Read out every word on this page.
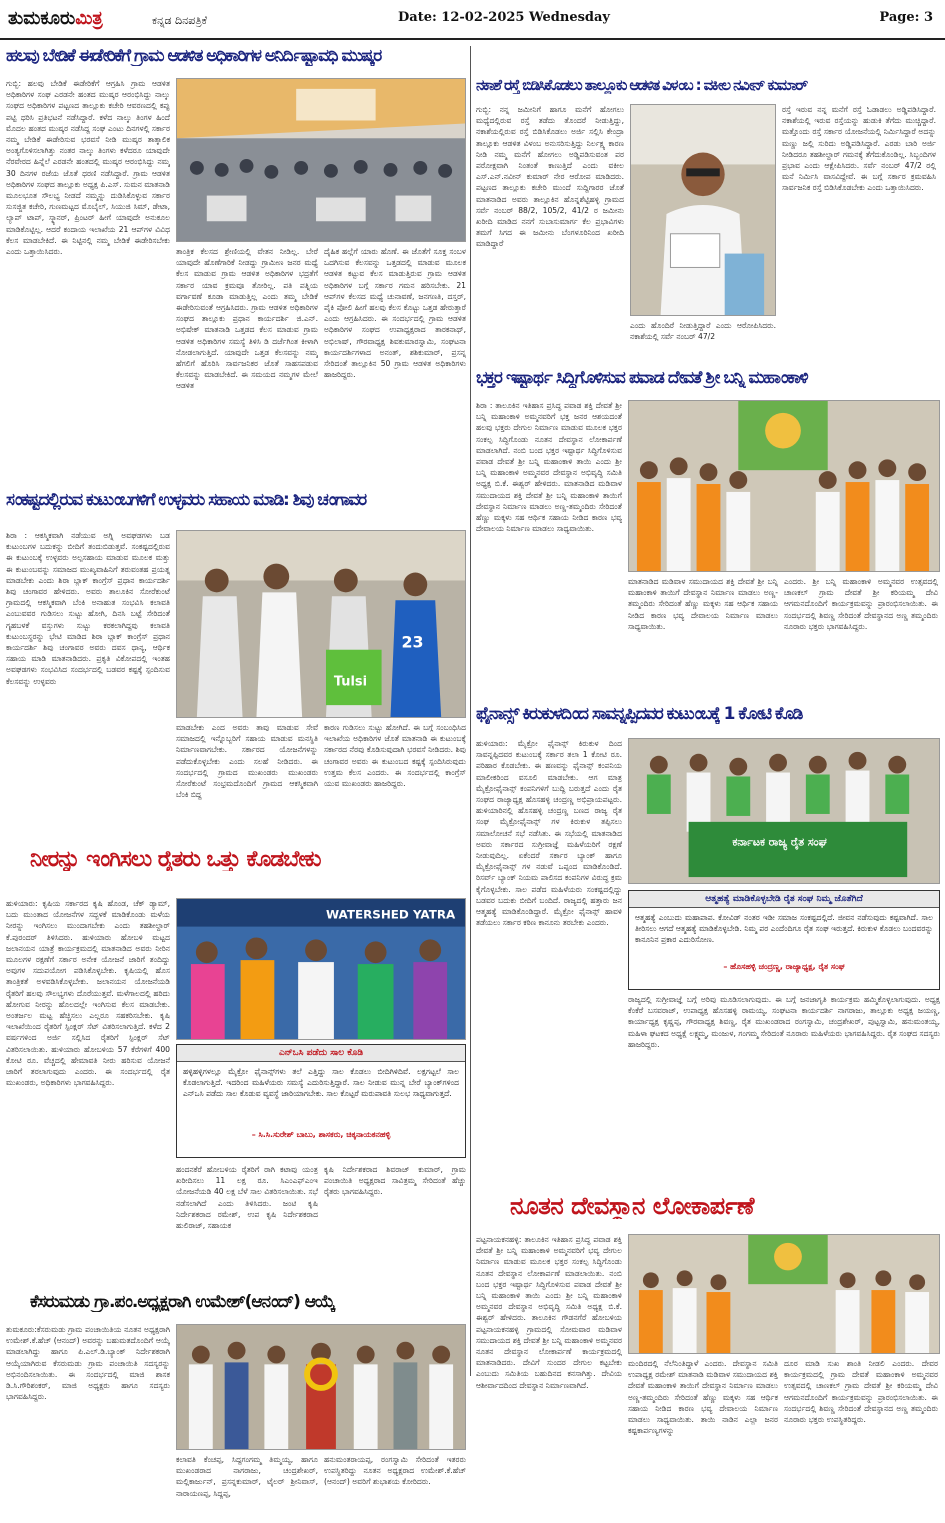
ತುಮಕೂರುಮಿತ್ರ	ಕನ್ನಡ ದಿನಪತ್ರಿಕೆ	Date: 12-02-2025 Wednesday	Page: 3
ಹಲವು ಬೇಡಿಕೆ ಈಡೇರಿಕೆಗೆ ಗ್ರಾಮ ಆಡಳಿತ ಅಧಿಕಾರಿಗಳ ಅನಿರ್ದಿಷ್ಟಾವಧಿ ಮುಷ್ಕರ
ಗುಬ್ಬಿ: ಹಲವು ಬೇಡಿಕೆ ಈಡೇರಿಕೆಗೆ ಆಗ್ರಹಿಸಿ ಗ್ರಾಮ ಆಡಳಿತ ಅಧಿಕಾರಿಗಳ ಸಂಘ ಎರಡನೇ ಹಂತದ ಮುಷ್ಕರ ಆರಂಭಿಸಿದ್ದು ನಾಲ್ಕು ಸಂಘದ ಅಧಿಕಾರಿಗಳ ಪಟ್ಟಣದ ತಾಲ್ಲೂಕು ಕಚೇರಿ ಆವರಣದಲ್ಲಿ ಕಪ್ಪು ಪಟ್ಟಿ ಧರಿಸಿ ಪ್ರತಿಭಟನೆ ನಡೆಸಿದ್ದಾರೆ. ಕಳೆದ ನಾಲ್ಕು ತಿಂಗಳ ಹಿಂದೆ ಮೊದಲ ಹಂತದ ಮುಷ್ಕರ ನಡೆಸಿದ್ದ ಸಂಘ ಎಂಟು ದಿನಗಳಲ್ಲಿ ಸರ್ಕಾರ ನಮ್ಮ ಬೇಡಿಕೆ ಈಡೇರಿಸುವ ಭರವಸೆ ನೀಡಿ ಮುಷ್ಕರ ತಾತ್ಕಾಲಿಕ ಅಂತ್ಯಗೊಳಿಸಲಾಗಿತ್ತು ನಂತರ ನಾಲ್ಕು ತಿಂಗಳು ಕಳೆದರೂ ಯಾವುದೇ ನೆರವೇರದ ಹಿನ್ನೆಲೆ ಎರಡನೇ ಹಂತದಲ್ಲಿ ಮುಷ್ಕರ ಆರಂಭಿಸಿದ್ದು ನಮ್ಮ 30 ದಿನಗಳ ರಜೆಯ ಜೊತೆ ಧರಣಿ ನಡೆಸಿದ್ದಾರೆ. ಗ್ರಾಮ ಆಡಳಿತ ಅಧಿಕಾರಿಗಳ ಸಂಘದ ತಾಲ್ಲೂಕು ಅಧ್ಯಕ್ಷ ಪಿ.ಎಸ್. ಸುಮನ ಮಾತನಾಡಿ ಮೂಲಭೂತ ಸೌಲಭ್ಯ ನೀಡದೆ ನಮ್ಮನ್ನು ದುಡಿಸಿಕೊಳ್ಳುವ ಸರ್ಕಾರ ಸುಸಜ್ಜಿತ ಕಚೇರಿ, ಗುಣಮಟ್ಟದ ಮೊಬೈಲ್, ಸಿಯುಜಿ ಸಿಮ್, ಡೇಟಾ, ಲ್ಯಾಪ್ ಟಾಪ್, ಸ್ಕ್ಯಾನರ್, ಪ್ರಿಂಟರ್ ಹೀಗೆ ಯಾವುದೇ ಅನುಕೂಲ ಮಾಡಿಕೊಟ್ಟಿಲ್ಲ. ಆದರೆ ಕಂದಾಯ ಇಲಾಖೆಯ 21 ಆಪ್‌ಗಳ ವಿವಿಧ ಕೆಲಸ ಮಾಡಬೇಕಿದೆ. ಈ ನಿಟ್ಟಿನಲ್ಲಿ ನಮ್ಮ ಬೇಡಿಕೆ ಈಡೇರಿಸಬೇಕು ಎಂದು ಒತ್ತಾಯಿಸಿದರು.	ತಾಂತ್ರಿಕ ಕೆಲಸದ ಶ್ರೇಣಿಯಲ್ಲಿ ವೇತನ ನೀಡಿಲ್ಲ. ಬೇರೆ ಯಾವುದೇ ಹೊಣೆಗಾರಿಕೆ ನೀಡದ್ದು ಗ್ರಾಮೀಣ ಜನರ ಮಧ್ಯೆ ಕೆಲಸ ಮಾಡುವ ಗ್ರಾಮ ಆಡಳಿತ ಅಧಿಕಾರಿಗಳ ಭದ್ರತೆಗೆ ಸರ್ಕಾರ ಯಾವ ಕ್ರಮವೂ ತೋರಿಲ್ಲ. ಪತಿ ಪತ್ನಿಯ ವರ್ಗಾವಣೆ ಕೂಡಾ ಮಾಡುತ್ತಿಲ್ಲ ಎಂದು ತಮ್ಮ ಬೇಡಿಕೆ ಈಡೇರಿಸುವಂತೆ ಆಗ್ರಹಿಸಿದರು. ಗ್ರಾಮ ಆಡಳಿತ ಅಧಿಕಾರಿಗಳ ಸಂಘದ ತಾಲ್ಲೂಕು ಪ್ರಧಾನ ಕಾರ್ಯದರ್ಶಿ ಜಿ.ಎನ್. ಅಭಿಷೇಕ್ ಮಾತನಾಡಿ ಒತ್ತಡದ ಕೆಲಸ ಮಾಡುವ ಗ್ರಾಮ ಆಡಳಿತ ಅಧಿಕಾರಿಗಳ ಸಮಸ್ಯೆ ತಿಳಿಸಿ ಡಿ ದರ್ಜೆಗಿಂತ ಕೀಳಾಗಿ ನೋಡಲಾಗುತ್ತಿದೆ. ಯಾವುದೇ ಒತ್ತಡ ಕೆಲಸವನ್ನು ನಮ್ಮ ಹೆಗಲಿಗೆ ಹೊರಿಸಿ ಸಾರ್ವಜನಿಕರ ಜೊತೆ ಸಾಹಸಪಡುವ ಕೆಲಸವನ್ನು ಮಾಡಬೇಕಿದೆ. ಈ ಸಮಯದ ನಮ್ಮಗಳ ಮೇಲೆ ಆಡಳಿತ
ದೈಹಿಕ ಹಲ್ಲೆಗೆ ಯಾರು ಹೊಣೆ. ಈ ಜೊತೆಗೆ ಸೂಕ್ತ ಸಂಬಳ ಒದಗಿಸುವ ಕೆಲಸವನ್ನು ಒತ್ತಡದಲ್ಲಿ ಮಾಡುವ ಮೂಲಕ ಆಡಳಿತ ಕಟ್ಟುವ ಕೆಲಸ ಮಾಡುತ್ತಿರುವ ಗ್ರಾಮ ಆಡಳಿತ ಅಧಿಕಾರಿಗಳ ಬಗ್ಗೆ ಸರ್ಕಾರ ಗಮನ ಹರಿಸಬೇಕು. 21 ಆಪ್‌ಗಳ ಕೆಲಸದ ಮಧ್ಯೆ ಚುನಾವಣೆ, ಜನಗಣತಿ, ದಸ್ತರ್, ಪೈಕಿ ಪೋಲಿ ಹೀಗೆ ಹಲವು ಕೆಲಸ ಕೊಟ್ಟು ಒತ್ತಡ ಹೇರುತ್ತಾರೆ ಎಂದು ಆಗ್ರಹಿಸಿದರು. ಈ ಸಂದರ್ಭದಲ್ಲಿ ಗ್ರಾಮ ಆಡಳಿತ ಅಧಿಕಾರಿಗಳ ಸಂಘದ ಉಪಾಧ್ಯಕ್ಷರಾದ ತಾರಕನಾಥ್, ಅಭಿಲಾಷ್, ಗೌರವಾಧ್ಯಕ್ಷ ಶಿವಕುಮಾರಸ್ವಾಮಿ, ಸಂಘಟನಾ ಕಾರ್ಯದರ್ಶಿಗಳಾದ ಅನಂತ್, ಶಶಿಕುಮಾರ್, ಪ್ರಸನ್ನ ಸೇರಿದಂತೆ ತಾಲ್ಲೂಕಿನ 50 ಗ್ರಾಮ ಆಡಳಿತ ಅಧಿಕಾರಿಗಳು ಹಾಜರಿದ್ದರು.
ನಕಾಶೆ ರಸ್ತೆ ಬಿಡಿಸಿಕೊಡಲು ತಾಲ್ಲೂಕು ಆಡಳಿತ ವಿಳಂಬ : ವಕೀಲ ನವೀನ್ ಕುಮಾರ್
ಗುಬ್ಬಿ: ನನ್ನ ಜಮೀನಿಗೆ ಹಾಗೂ ಮನೆಗೆ ಹೋಗಲು ಮಧ್ಯೆದಲ್ಲಿರುವ ರಸ್ತೆ ತಡೆದು ತೊಂದರೆ ನೀಡುತ್ತಿದ್ದು, ನಕಾಶೆಯಲ್ಲಿರುವ ರಸ್ತೆ ಬಿಡಿಸಿಕೊಡಲು ಅರ್ಜಿ ಸಲ್ಲಿಸಿ ಕೇಂದ್ರಾ ತಾಲ್ಲೂಕು ಆಡಳಿತ ವಿಳಂಬ ಅನುಸರಿಸುತ್ತಿದ್ದು ನಿರ್ಲಕ್ಷ್ಯ ಕಾರಣ ನೀಡಿ ನಮ್ಮ ಮನೆಗೆ ಹೋಗಲು ಅಡ್ಡಿಪಡಿಸುವಂತ ಪರ ಪರೋಕ್ಷವಾಗಿ ನಿಂತಂತೆ ಕಾಣುತ್ತಿದೆ ಎಂದು ವಕೀಲ ಎಸ್.ಎನ್.ನವೀನ್ ಕುಮಾರ್ ನೇರ ಆರೋಪ ಮಾಡಿದರು. ಪಟ್ಟಣದ ತಾಲ್ಲೂಕು ಕಚೇರಿ ಮುಂದೆ ಸುದ್ದಿಗಾರರ ಜೊತೆ ಮಾತನಾಡಿದ ಅವರು ತಾಲ್ಲೂಕಿನ ಹೊನ್ನಶೆಟ್ಟಿಹಳ್ಳಿ ಗ್ರಾಮದ ಸರ್ವೆ ನಂಬರ್ 88/2, 105/2, 41/2 ರ ಜಮೀನು ಖರೀದಿ ಮಾಡಿದ ನನಗೆ ಸುಬಾಸುಮಾರ್ಗ ಕೆಲ ಪ್ರಭಾವಿಗಳು ತಮಗೆ ಸಿಗದ ಈ ಜಮೀನು ಬೆಂಗಳೂರಿನಿಂದ ಖರೀದಿ ಮಾಡಿದ್ದಾರೆ
ಎಂದು ಹೊಂದಿರೆ ನೀಡುತ್ತಿದ್ದಾರೆ ಎಂದು ಆರೋಪಿಸಿದರು. ನಕಾಶೆಯಲ್ಲಿ ಸರ್ವೆ ನಂಬರ್ 47/2
ರಸ್ತೆ ಇರುವ ನನ್ನ ಮನೆಗೆ ರಸ್ತೆ ಓಡಾಡಲು ಅಡ್ಡಿಪಡಿಸಿದ್ದಾರೆ. ನಕಾಶೆಯಲ್ಲಿ ಇರುವ ರಸ್ತೆಯನ್ನು ಹುಡುಕಿ ತೆಗೆದು ಮುಚ್ಚಿದ್ದಾರೆ. ಮತ್ತೊಂದು ರಸ್ತೆ ಸರ್ಕಾರ ಯೋಜನೆಯಲ್ಲಿ ನಿರ್ಮಿಸಿದ್ದಾರೆ ಅದನ್ನು ಮಣ್ಣು ಜಲ್ಲಿ ಸುರಿದು ಅಡ್ಡಿಪಡಿಸಿದ್ದಾರೆ. ಎರಡು ಬಾರಿ ಅರ್ಜಿ ನೀಡಿದರೂ ತಹಶೀಲ್ದಾರ್ ಗಮನಕ್ಕೆ ತೆಗೆದುಕೊಂಡಿಲ್ಲ. ಸಿಬ್ಬಂದಿಗಳ ಪ್ರಭಾವ ಎಂದು ಆಕ್ಷೇಪಿಸಿದರು. ಸರ್ವೆ ನಂಬರ್ 47/2 ರಲ್ಲಿ ಮನೆ ನಿರ್ಮಿಸಿ ವಾಸವಿದ್ದೇವೆ. ಈ ಬಗ್ಗೆ ಸರ್ಕಾರ ಕ್ರಮವಹಿಸಿ ಸಾರ್ವಜನಿಕ ರಸ್ತೆ ಬಿಡಿಸಿಕೊಡಬೇಕು ಎಂದು ಒತ್ತಾಯಿಸಿದರು.
ಭಕ್ತರ ಇಷ್ಟಾರ್ಥ ಸಿದ್ದಿಗೊಳಿಸುವ ಪವಾಡ ದೇವತೆ ಶ್ರೀ ಬನ್ನಿ ಮಹಾಂಕಾಳಿ
ಶಿರಾ : ತಾಲೂಕಿನ ಇತಿಹಾಸ ಪ್ರಸಿದ್ಧ ಪವಾಡ ಶಕ್ತಿ ದೇವತೆ ಶ್ರೀ ಬನ್ನಿ ಮಹಾಂಕಾಳಿ ಅಮ್ಮನವರಿಗೆ ಭಕ್ತ ಜನರ ಆಶಯದಂತೆ ಹಲವು ಭಕ್ತರು ದೇಗುಲ ನಿರ್ಮಾಣ ಮಾಡುವ ಮೂಲಕ ಭಕ್ತರ ಸಂಕಲ್ಪ ಸಿದ್ಧಿಗೊಂಡು ನೂತನ ದೇವಸ್ಥಾನ ಲೋಕಾರ್ಪಣೆ ಮಾಡಲಾಗಿದೆ. ನಂಬಿ ಬಂದ ಭಕ್ತರ ಇಷ್ಟಾರ್ಥ ಸಿದ್ಧಿಗೊಳಿಸುವ ಪವಾಡ ದೇವತೆ ಶ್ರೀ ಬನ್ನಿ ಮಹಾಂಕಾಳಿ ತಾಯಿ ಎಂದು ಶ್ರೀ ಬನ್ನಿ ಮಹಾಂಕಾಳಿ ಅಮ್ಮನವರ ದೇವಸ್ಥಾನ ಅಭಿವೃದ್ಧಿ ಸಮಿತಿ ಅಧ್ಯಕ್ಷ ಬಿ.ಕೆ. ಈಶ್ವರ್ ಹೇಳಿದರು. ಮಾತನಾಡಿದ ಮಡಿವಾಳ ಸಮುದಾಯದ ಶಕ್ತಿ ದೇವತೆ ಶ್ರೀ ಬನ್ನಿ ಮಹಾಂಕಾಳಿ ತಾಯಿಗೆ ದೇವಸ್ಥಾನ ನಿರ್ಮಾಣ ಮಾಡಲು ಅಣ್ಣ-ತಮ್ಮಂದಿರು ಸೇರಿದಂತೆ ಹೆಣ್ಣು ಮಕ್ಕಳು ಸಹ ಆರ್ಥಿಕ ಸಹಾಯ ನೀಡಿದ ಕಾರಣ ಭವ್ಯ ದೇವಾಲಯ ನಿರ್ಮಾಣ ಮಾಡಲು ಸಾಧ್ಯವಾಯಿತು.
ಎಂದರು. ಶ್ರೀ ಬನ್ನಿ ಮಹಾಂಕಾಳಿ ಅಮ್ಮನವರ ಉತ್ಸವದಲ್ಲಿ ಚಾಣಕಲ್ ಗ್ರಾಮ ದೇವತೆ ಶ್ರೀ ಕರಿಯಮ್ಮ ದೇವಿ ಆಗಮನದೊಂದಿಗೆ ಕಾರ್ಯಕ್ರಮವನ್ನು ಪ್ರಾರಂಭಿಸಲಾಯಿತು. ಈ ಸಂದರ್ಭದಲ್ಲಿ ಶಿವಣ್ಣ ಸೇರಿದಂತೆ ದೇವಸ್ಥಾನದ ಅಣ್ಣ ತಮ್ಮಂದಿರು ನೂರಾರು ಭಕ್ತರು ಭಾಗವಹಿಸಿದ್ದರು.
ಮಾತನಾಡಿದ ಮಡಿವಾಳ ಸಮುದಾಯದ ಶಕ್ತಿ ದೇವತೆ ಶ್ರೀ ಬನ್ನಿ ಮಹಾಂಕಾಳಿ ತಾಯಿಗೆ ದೇವಸ್ಥಾನ ನಿರ್ಮಾಣ ಮಾಡಲು ಅಣ್ಣ-ತಮ್ಮಂದಿರು ಸೇರಿದಂತೆ ಹೆಣ್ಣು ಮಕ್ಕಳು ಸಹ ಆರ್ಥಿಕ ಸಹಾಯ ನೀಡಿದ ಕಾರಣ ಭವ್ಯ ದೇವಾಲಯ ನಿರ್ಮಾಣ ಮಾಡಲು ಸಾಧ್ಯವಾಯಿತು.
ಸಂಕಷ್ಟದಲ್ಲಿರುವ ಕುಟುಂಬಗಳಿಗೆ ಉಳ್ಳವರು ಸಹಾಯ ಮಾಡಿ: ಶಿವು ಚಂಗಾವರ
ಶಿರಾ : ಆಕಸ್ಮಿಕವಾಗಿ ನಡೆಯುವ ಅಗ್ನಿ ಅವಘಡಗಳು ಬಡ ಕುಟುಂಬಗಳ ಬದುಕನ್ನು ಬೀದಿಗೆ ತಂದುಬಿಡುತ್ತವೆ. ಸಂಕಷ್ಟದಲ್ಲಿರುವ ಈ ಕುಟುಂಬಕ್ಕೆ ಉಳ್ಳವರು ಅಲ್ಪಸಹಾಯ ಮಾಡುವ ಮೂಲಕ ಮತ್ತು ಈ ಕುಟುಂಬವನ್ನು ಸಮಾಜದ ಮುಖ್ಯವಾಹಿನಿಗೆ ತರುವಂತಹ ಪ್ರಯತ್ನ ಮಾಡಬೇಕು ಎಂದು ಶಿರಾ ಬ್ಲಾಕ್ ಕಾಂಗ್ರೆಸ್ ಪ್ರಧಾನ ಕಾರ್ಯದರ್ಶಿ ಶಿವು ಚಂಗಾವರ ಹೇಳಿದರು. ಅವರು ತಾಲೂಕಿನ ಸೋರೆಕುಂಟೆ ಗ್ರಾಮದಲ್ಲಿ ಆಕಸ್ಮಿಕವಾಗಿ ಬೆಂಕಿ ಅನಾಹುತ ಸಂಭವಿಸಿ ಕಲಾವತಿ ಎಂಬುವವರ ಗುಡಿಸಲು ಸುಟ್ಟು ಹೋಗಿ, ದಿನಸಿ ಬಟ್ಟೆ ಸೇರಿದಂತೆ ಗೃಹಬಳಕೆ ವಸ್ತುಗಳು ಸುಟ್ಟು ಕರಕಲಾಗಿದ್ದವು ಕಲಾವತಿ ಕುಟುಂಬಸ್ಥರನ್ನು ಭೇಟಿ ಮಾಡಿದ ಶಿರಾ ಬ್ಲಾಕ್ ಕಾಂಗ್ರೆಸ್ ಪ್ರಧಾನ ಕಾರ್ಯದರ್ಶಿ ಶಿವು ಚಂಗಾವರ ಅವರು ದವಸ ಧಾನ್ಯ, ಆರ್ಥಿಕ ಸಹಾಯ ಮಾಡಿ ಮಾತನಾಡಿದರು. ಪ್ರಕೃತಿ ವಿಕೋಪದಲ್ಲಿ ಇಂತಹ ಅವಘಡಗಳು ಸಂಭವಿಸಿದ ಸಂದರ್ಭದಲ್ಲಿ ಬಡವರ ಕಷ್ಟಕ್ಕೆ ಸ್ಪಂದಿಸುವ ಕೆಲಸವನ್ನು ಉಳ್ಳವರು
23
Tulsi
ಮಾಡಬೇಕು ಎಂದ ಅವರು ತಾವು ಮಾಡುವ ಸೇವೆ ಸಮಾಜದಲ್ಲಿ ಇನ್ನೊಬ್ಬರಿಗೆ ಸಹಾಯ ಮಾಡುವ ಮನಸ್ಥಿತಿ ನಿರ್ಮಾಣವಾಗಬೇಕು. ಸರ್ಕಾರದ ಯೋಜನೆಗಳನ್ನು ಪಡೆದುಕೊಳ್ಳಬೇಕು ಎಂದು ಸಲಹೆ ನೀಡಿದರು. ಈ ಸಂದರ್ಭದಲ್ಲಿ ಗ್ರಾಮದ ಮುಖಂಡರು ಮುಖಂಡರು ಸೋರೆಕುಂಟೆ ಸಂಭ್ರಮದೊಂದಿಗೆ ಗ್ರಾಮದ ಆಕಸ್ಮಿಕವಾಗಿ ಬೆಂಕಿ ಬಿದ್ದ
ಕಾರಣ ಗುಡಿಸಲು ಸುಟ್ಟು ಹೋಗಿದೆ. ಈ ಬಗ್ಗೆ ಸಂಬಂಧಿಸಿದ ಇಲಾಖೆಯ ಅಧಿಕಾರಿಗಳ ಜೊತೆ ಮಾತನಾಡಿ ಈ ಕುಟುಂಬಕ್ಕೆ ಸರ್ಕಾರದ ನೆರವು ಕೊಡಿಸುವುದಾಗಿ ಭರವಸೆ ನೀಡಿದರು. ಶಿವು ಚಂಗಾವರ ಅವರು ಈ ಕುಟುಂಬದ ಕಷ್ಟಕ್ಕೆ ಸ್ಪಂದಿಸಿರುವುದು ಉತ್ತಮ ಕೆಲಸ ಎಂದರು. ಈ ಸಂದರ್ಭದಲ್ಲಿ ಕಾಂಗ್ರೆಸ್ ಯುವ ಮುಖಂಡರು ಹಾಜರಿದ್ದರು.
ಫೈನಾನ್ಸ್ ಕಿರುಕುಳದಿಂದ ಸಾವನ್ನಪ್ಪಿದವರ ಕುಟುಂಬಕ್ಕೆ 1 ಕೋಟಿ ಕೊಡಿ
ಹುಳಿಯಾರು: ಮೈಕ್ರೋ ಫೈನಾನ್ಸ್ ಕಿರುಕುಳ ದಿಂದ ಸಾವನ್ನಪ್ಪಿದವರ ಕುಟುಂಬಕ್ಕೆ ಸರ್ಕಾರ ತಲಾ 1 ಕೋಟಿ ರೂ. ಪರಿಹಾರ ಕೊಡಬೇಕು. ಈ ಹಣವನ್ನು ಫೈನಾನ್ಸ್ ಕಂಪನಿಯ ಮಾಲೀಕರಿಂದ ವಸೂಲಿ ಮಾಡಬೇಕು. ಆಗ ಮಾತ್ರ ಮೈಕ್ರೋಫೈನಾನ್ಸ್ ಕಂಪನಿಗಳಿಗೆ ಬುದ್ದಿ ಬರುತ್ತದೆ ಎಂದು ರೈತ ಸಂಘದ ರಾಜ್ಯಾಧ್ಯಕ್ಷ ಹೊಸಹಳ್ಳಿ ಚಂದ್ರಣ್ಣ ಅಭಿಪ್ರಾಯಪಟ್ಟರು. ಹುಳಿಯಾರಿನಲ್ಲಿ ಹೊಸಹಳ್ಳಿ ಚಂದ್ರಣ್ಣ ಬಣದ ರಾಜ್ಯ ರೈತ ಸಂಘ ಮೈಕ್ರೋಫೈನಾನ್ಸ್ ಗಳ ಕಿರುಕುಳ ತಪ್ಪಿಸಲು ಸಮಾಲೋಚನೆ ಸಭೆ ನಡೆಸಿತು. ಈ ಸಭೆಯಲ್ಲಿ ಮಾತನಾಡಿದ ಅವರು ಸರ್ಕಾರದ ಸುಗ್ರೀವಾಜ್ಞೆ ಮಹಿಳೆಯರಿಗೆ ರಕ್ಷಣೆ ನೀಡುವುದಿಲ್ಲ. ಏಕೆಂದರೆ ಸರ್ಕಾರ ಬ್ಯಾಂಕ್ ಹಾಗೂ ಮೈಕ್ರೋಫೈನಾನ್ಸ್ ಗಳ ನಡುವೆ ಒಪ್ಪಂದ ಮಾಡಿಕೊಂಡಿದೆ. ರಿಸರ್ವ್ ಬ್ಯಾಂಕ್ ನಿಯಮ ಪಾಲಿಸದ ಕಂಪನಿಗಳ ವಿರುದ್ಧ ಕ್ರಮ ಕೈಗೊಳ್ಳಬೇಕು. ಸಾಲ ಪಡೆದ ಮಹಿಳೆಯರು ಸಂಕಷ್ಟದಲ್ಲಿದ್ದು ಬಡವರ ಬದುಕು ಬೀದಿಗೆ ಬಂದಿದೆ. ರಾಜ್ಯದಲ್ಲಿ ಹತ್ತಾರು ಜನ ಆತ್ಮಹತ್ಯೆ ಮಾಡಿಕೊಂಡಿದ್ದಾರೆ. ಮೈಕ್ರೋ ಫೈನಾನ್ಸ್ ಹಾವಳಿ ತಡೆಯಲು ಸರ್ಕಾರ ಕಠಿಣ ಕಾನೂನು ತರಬೇಕು ಎಂದರು.
ಕರ್ನಾಟಕ ರಾಜ್ಯ ರೈತ ಸಂಘ
ಆತ್ಮಹತ್ಯೆ ಮಾಡಿಕೊಳ್ಳಬೇಡಿ ರೈತ ಸಂಘ ನಿಮ್ಮ ಜೊತೆಗಿದೆ
ಆತ್ಮಹತ್ಯೆ ಎಂಬುದು ಮಹಾಪಾಪ. ಕೋವಿಡ್ ನಂತರ ಇಡೀ ಸಮಾಜ ಸಂಕಷ್ಟದಲ್ಲಿದೆ. ಜೀವನ ನಡೆಸುವುದು ಕಷ್ಟವಾಗಿದೆ. ಸಾಲ ತೀರಿಸಲು ಆಗದೆ ಆತ್ಮಹತ್ಯೆ ಮಾಡಿಕೊಳ್ಳಬೇಡಿ. ನಿಮ್ಮ ಪರ ಎಂದೆಂದಿಗೂ ರೈತ ಸಂಘ ಇರುತ್ತದೆ. ಕಿರುಕುಳ ಕೊಡಲು ಬಂದವರನ್ನು ಕಾನೂನಿನ ಪ್ರಕಾರ ಎದುರಿಸೋಣ.
– ಹೊಸಹಳ್ಳಿ ಚಂದ್ರಣ್ಣ, ರಾಜ್ಯಾಧ್ಯಕ್ಷ, ರೈತ ಸಂಘ
ರಾಜ್ಯದಲ್ಲಿ ಸುಗ್ರೀವಾಜ್ಞೆ ಬಗ್ಗೆ ಅರಿವು ಮೂಡಿಸಲಾಗುವುದು. ಈ ಬಗ್ಗೆ ಜನಜಾಗೃತಿ ಕಾರ್ಯಕ್ರಮ ಹಮ್ಮಿಕೊಳ್ಳಲಾಗುವುದು. ಅಧ್ಯಕ್ಷ ಕೆಂಕೆರೆ ಬಸವರಾಜ್, ಉಪಾಧ್ಯಕ್ಷ ಹೊಸಹಳ್ಳಿ ರಾಮಯ್ಯ, ಸಂಘಟನಾ ಕಾರ್ಯದರ್ಶಿ ನಾಗರಾಜು, ತಾಲ್ಲೂಕು ಅಧ್ಯಕ್ಷ ಜಯಣ್ಣ, ಕಾರ್ಯಾಧ್ಯಕ್ಷ ಕೃಷ್ಣಪ್ಪ, ಗೌರವಾಧ್ಯಕ್ಷ ಶಿವಣ್ಣ, ರೈತ ಮುಖಂಡರಾದ ರಂಗಸ್ವಾಮಿ, ಚಂದ್ರಶೇಖರ್, ಪುಟ್ಟಸ್ವಾಮಿ, ಹನುಮಂತಯ್ಯ, ಮಹಿಳಾ ಘಟಕದ ಅಧ್ಯಕ್ಷೆ ಲಕ್ಷ್ಮಮ್ಮ, ಮಂಜುಳ, ಗಂಗಮ್ಮ ಸೇರಿದಂತೆ ನೂರಾರು ಮಹಿಳೆಯರು ಭಾಗವಹಿಸಿದ್ದರು. ರೈತ ಸಂಘದ ಸದಸ್ಯರು ಹಾಜರಿದ್ದರು.
ನೀರನ್ನು ಇಂಗಿಸಲು ರೈತರು ಒತ್ತು ಕೊಡಬೇಕು
ಹುಳಿಯಾರು: ಕೃಷಿಯ ಸರ್ಕಾರದ ಕೃಷಿ ಹೊಂಡ, ಚೆಕ್ ಡ್ಯಾಮ್, ಬದು ಮುಂತಾದ ಯೋಜನೆಗಳ ಸದ್ಬಳಕೆ ಮಾಡಿಕೊಂಡು ಮಳೆಯ ನೀರನ್ನು ಇಂಗಿಸಲು ಮುಂದಾಗಬೇಕು ಎಂದು ತಹಶೀಲ್ದಾರ್ ಕೆ.ಪುರಂದರ್ ತಿಳಿಸಿದರು. ಹುಳಿಯಾರು ಹೋಬಳಿ ಮಟ್ಟದ ಜಲಾನಯನ ಯಾತ್ರೆ ಕಾರ್ಯಕ್ರಮದಲ್ಲಿ ಮಾತನಾಡಿದ ಅವರು ನೀರಿನ ಮೂಲಗಳ ರಕ್ಷಣೆಗೆ ಸರ್ಕಾರ ಅನೇಕ ಯೋಜನೆ ಜಾರಿಗೆ ತಂದಿದ್ದು ಅವುಗಳ ಸದುಪಯೋಗ ಪಡಿಸಿಕೊಳ್ಳಬೇಕು. ಕೃಷಿಯಲ್ಲಿ ಹೊಸ ತಾಂತ್ರಿಕತೆ ಅಳವಡಿಸಿಕೊಳ್ಳಬೇಕು. ಜಲಾನಯನ ಯೋಜನೆಯಡಿ ರೈತರಿಗೆ ಹಲವು ಸೌಲಭ್ಯಗಳು ದೊರೆಯುತ್ತವೆ. ಮಳೆಗಾಲದಲ್ಲಿ ಹರಿದು ಹೋಗುವ ನೀರನ್ನು ಹೊಲದಲ್ಲೇ ಇಂಗಿಸುವ ಕೆಲಸ ಮಾಡಬೇಕು. ಅಂತರ್ಜಲ ಮಟ್ಟ ಹೆಚ್ಚಿಸಲು ಎಲ್ಲರೂ ಸಹಕರಿಸಬೇಕು. ಕೃಷಿ ಇಲಾಖೆಯಿಂದ ರೈತರಿಗೆ ಸ್ಪಿಂಕ್ಲರ್ ಸೆಟ್ ವಿತರಿಸಲಾಗುತ್ತಿದೆ. ಕಳೆದ 2 ವರ್ಷಗಳಿಂದ ಅರ್ಜಿ ಸಲ್ಲಿಸಿದ ರೈತರಿಗೆ ಸ್ಪಿಂಕ್ಲರ್ ಸೆಟ್ ವಿತರಿಸಲಾಯಿತು. ಹುಳಿಯಾರು ಹೋಬಳಿಯ 57 ಕೆರೆಗಳಿಗೆ 400 ಕೋಟಿ ರೂ. ವೆಚ್ಚದಲ್ಲಿ ಹೇಮಾವತಿ ನೀರು ಹರಿಸುವ ಯೋಜನೆ ಜಾರಿಗೆ ತರಲಾಗುವುದು ಎಂದರು. ಈ ಸಂದರ್ಭದಲ್ಲಿ ರೈತ ಮುಖಂಡರು, ಅಧಿಕಾರಿಗಳು ಭಾಗವಹಿಸಿದ್ದರು.
WATERSHED YATRA
ಎನ್‌ಒಸಿ ಪಡೆದು ಸಾಲ ಕೊಡಿ
ಹಳ್ಳಿಹಳ್ಳಿಗಳಲ್ಲೂ ಮೈಕ್ರೋ ಫೈನಾನ್ಸ್‌ಗಳು ತಲೆ ಎತ್ತಿದ್ದು ಸಾಲ ಕೊಡಲು ಬೀದಿಗಿಳಿದಿವೆ. ಲಕ್ಷಗಟ್ಟಲೆ ಸಾಲ ಕೊಡಲಾಗುತ್ತಿದೆ. ಇದರಿಂದ ಮಹಿಳೆಯರು ಸಮಸ್ಯೆ ಎದುರಿಸುತ್ತಿದ್ದಾರೆ. ಸಾಲ ನೀಡುವ ಮುನ್ನ ಬೇರೆ ಬ್ಯಾಂಕ್‌ಗಳಿಂದ ಎನ್‌ಒಸಿ ಪಡೆದು ಸಾಲ ಕೊಡುವ ವ್ಯವಸ್ಥೆ ಜಾರಿಯಾಗಬೇಕು. ಸಾಲ ಕೊಟ್ಟರೆ ಮರುಪಾವತಿ ಸುಲಭ ಸಾಧ್ಯವಾಗುತ್ತದೆ.
– ಸಿ.ಸಿ.ಸುರೇಶ್ ಬಾಬು, ಶಾಸಕರು, ಚಿಕ್ಕನಾಯಕನಹಳ್ಳಿ
ಹಂದನಕೆರೆ ಹೋಬಳಿಯ ರೈತರಿಗೆ ರಾಗಿ ಕಟಾವು ಯಂತ್ರ ಖರೀದಿಸಲು 11 ಲಕ್ಷ ರೂ. ಸಿಎಂಎಫ್‌ಎಂಇ ಯೋಜನೆಯಡಿ 40 ಲಕ್ಷ ಬೆಳೆ ಸಾಲ ವಿತರಿಸಲಾಯಿತು. ಸಭೆ ನಡೆಸಲಾಗಿದೆ ಎಂದು ತಿಳಿಸಿದರು. ಜಂಟಿ ಕೃಷಿ ನಿರ್ದೇಶಕರಾದ ರಮೇಶ್, ಉಪ ಕೃಷಿ ನಿರ್ದೇಶಕರಾದ ಹುಲಿರಾಜ್, ಸಹಾಯಕ
ಕೃಷಿ ನಿರ್ದೇಶಕರಾದ ಶಿವರಾಜ್ ಕುಮಾರ್, ಗ್ರಾಮ ಪಂಚಾಯಿತಿ ಅಧ್ಯಕ್ಷರಾದ ಸಾವಿತ್ರಮ್ಮ ಸೇರಿದಂತೆ ಹೆಚ್ಚು ರೈತರು ಭಾಗವಹಿಸಿದ್ದರು.
ನೂತನ ದೇವಸ್ಥಾನ ಲೋಕಾರ್ಪಣೆ
ಪಟ್ಟನಾಯಕನಹಳ್ಳಿ: ತಾಲೂಕಿನ ಇತಿಹಾಸ ಪ್ರಸಿದ್ಧ ಪವಾಡ ಶಕ್ತಿ ದೇವತೆ ಶ್ರೀ ಬನ್ನಿ ಮಹಾಂಕಾಳಿ ಅಮ್ಮನವರಿಗೆ ಭವ್ಯ ದೇಗುಲ ನಿರ್ಮಾಣ ಮಾಡುವ ಮೂಲಕ ಭಕ್ತರ ಸಂಕಲ್ಪ ಸಿದ್ಧಿಗೊಂಡು ನೂತನ ದೇವಸ್ಥಾನ ಲೋಕಾರ್ಪಣೆ ಮಾಡಲಾಯಿತು. ನಂಬಿ ಬಂದ ಭಕ್ತರ ಇಷ್ಟಾರ್ಥ ಸಿದ್ಧಿಗೊಳಿಸುವ ಪವಾಡ ದೇವತೆ ಶ್ರೀ ಬನ್ನಿ ಮಹಾಂಕಾಳಿ ತಾಯಿ ಎಂದು ಶ್ರೀ ಬನ್ನಿ ಮಹಾಂಕಾಳಿ ಅಮ್ಮನವರ ದೇವಸ್ಥಾನ ಅಭಿವೃದ್ಧಿ ಸಮಿತಿ ಅಧ್ಯಕ್ಷ ಬಿ.ಕೆ. ಈಶ್ವರ್ ಹೇಳಿದರು. ತಾಲೂಕಿನ ಗೌಡನಗೆರೆ ಹೋಬಳಿಯ ಪಟ್ಟನಾಯಕನಹಳ್ಳಿ ಗ್ರಾಮದಲ್ಲಿ ಸೋಮವಾರ ಮಡಿವಾಳ ಸಮುದಾಯದ ಶಕ್ತಿ ದೇವತೆ ಶ್ರೀ ಬನ್ನಿ ಮಹಾಂಕಾಳಿ ಅಮ್ಮನವರ ನೂತನ ದೇವಸ್ಥಾನ ಲೋಕಾರ್ಪಣೆ ಕಾರ್ಯಕ್ರಮದಲ್ಲಿ ಮಾತನಾಡಿದರು. ದೇವಿಗೆ ಸುಂದರ ದೇಗುಲ ಕಟ್ಟಬೇಕು ಎಂಬುದು ಸಮಿತಿಯ ಬಹುದಿನದ ಕನಸಾಗಿತ್ತು. ದೇವಿಯ ಆಶೀರ್ವಾದದಿಂದ ದೇವಸ್ಥಾನ ನಿರ್ಮಾಣವಾಗಿದೆ.
ಮಂದಿರದಲ್ಲಿ ನೆಲೆನಿಂತಿದ್ದಾಳೆ ಎಂದರು. ದೇವಸ್ಥಾನ ಸಮಿತಿ ಉಪಾಧ್ಯಕ್ಷ ರಮೇಶ್ ಮಾತನಾಡಿ ಮಡಿವಾಳ ಸಮುದಾಯದ ಶಕ್ತಿ ದೇವತೆ ಮಹಾಂಕಾಳಿ ತಾಯಿಗೆ ದೇವಸ್ಥಾನ ನಿರ್ಮಾಣ ಮಾಡಲು ಅಣ್ಣ-ತಮ್ಮಂದಿರು ಸೇರಿದಂತೆ ಹೆಣ್ಣು ಮಕ್ಕಳು ಸಹ ಆರ್ಥಿಕ ಸಹಾಯ ನೀಡಿದ ಕಾರಣ ಭವ್ಯ ದೇವಾಲಯ ನಿರ್ಮಾಣ ಮಾಡಲು ಸಾಧ್ಯವಾಯಿತು. ತಾಯಿ ನಾಡಿನ ಎಲ್ಲಾ ಜನರ ಕಷ್ಟಕಾರ್ಪಣ್ಯಗಳನ್ನು
ದೂರ ಮಾಡಿ ಸುಖ ಶಾಂತಿ ನೀಡಲಿ ಎಂದರು. ದೇವರ ಕಾರ್ಯಕ್ರಮದಲ್ಲಿ ಗ್ರಾಮ ದೇವತೆ ಮಹಾಂಕಾಳಿ ಅಮ್ಮನವರ ಉತ್ಸವದಲ್ಲಿ ಚಾಣಕಲ್ ಗ್ರಾಮ ದೇವತೆ ಶ್ರೀ ಕರಿಯಮ್ಮ ದೇವಿ ಆಗಮನದೊಂದಿಗೆ ಕಾರ್ಯಕ್ರಮವನ್ನು ಪ್ರಾರಂಭಿಸಲಾಯಿತು. ಈ ಸಂದರ್ಭದಲ್ಲಿ ಶಿವಣ್ಣ ಸೇರಿದಂತೆ ದೇವಸ್ಥಾನದ ಅಣ್ಣ ತಮ್ಮಂದಿರು ನೂರಾರು ಭಕ್ತರು ಉಪಸ್ಥಿತರಿದ್ದರು.
ಕೆಸರುಮಡು ಗ್ರಾ.ಪಂ.ಅಧ್ಯಕ್ಷರಾಗಿ ಉಮೇಶ್(ಆನಂದ್) ಆಯ್ಕೆ
ತುಮಕೂರು:ಕೆಸರುಮಡು ಗ್ರಾಮ ಪಂಚಾಯಿತಿಯ ನೂತನ ಅಧ್ಯಕ್ಷರಾಗಿ ಉಮೇಶ್.ಕೆ.ಹೆಚ್ (ಆನಂದ್) ಅವರನ್ನು ಬಹುಮತದೊಂದಿಗೆ ಆಯ್ಕೆ ಮಾಡಲಾಗಿದ್ದು ಹಾಗೂ ಪಿ.ಎಲ್.ಡಿ.ಬ್ಯಾಂಕ್ ನಿರ್ದೇಶಕರಾಗಿ ಆಯ್ಕೆಯಾಗಿರುವ ಕೆಸರುಮಡು ಗ್ರಾಮ ಪಂಚಾಯಿತಿ ಸದಸ್ಯರನ್ನು ಅಭಿನಂದಿಸಲಾಯಿತು. ಈ ಸಂದರ್ಭದಲ್ಲಿ ಮಾಜಿ ಶಾಸಕ ಡಿ.ಸಿ.ಗೌರಿಶಂಕರ್, ಮಾಜಿ ಅಧ್ಯಕ್ಷರು ಹಾಗೂ ಸದಸ್ಯರು ಭಾಗವಹಿಸಿದ್ದರು.
ಕಲಾವತಿ ಕೆಂಚಪ್ಪ, ಸಿದ್ದಗಂಗಮ್ಮ ತಿಮ್ಮಯ್ಯ, ಹಾಗೂ ಮುಖಂಡರಾದ ನಾಗರಾಜು, ಚಂದ್ರಶೇಖರ್, ಮಲ್ಲಿಕಾರ್ಜುನ್, ಪ್ರಸನ್ನಕುಮಾರ್, ಟೈಲರ್ ಶ್ರೀನಿವಾಸ್, ನಾರಾಯಣಪ್ಪ, ಸಿದ್ದಪ್ಪ,
ಹನುಮಂತರಾಯಪ್ಪ, ರಂಗಸ್ವಾಮಿ ಸೇರಿದಂತೆ ಇತರರು ಉಪಸ್ಥಿತರಿದ್ದು ನೂತನ ಅಧ್ಯಕ್ಷರಾದ ಉಮೇಶ್.ಕೆ.ಹೆಚ್ (ಆನಂದ್) ಅವರಿಗೆ ಶುಭಾಶಯ ಕೋರಿದರು.
